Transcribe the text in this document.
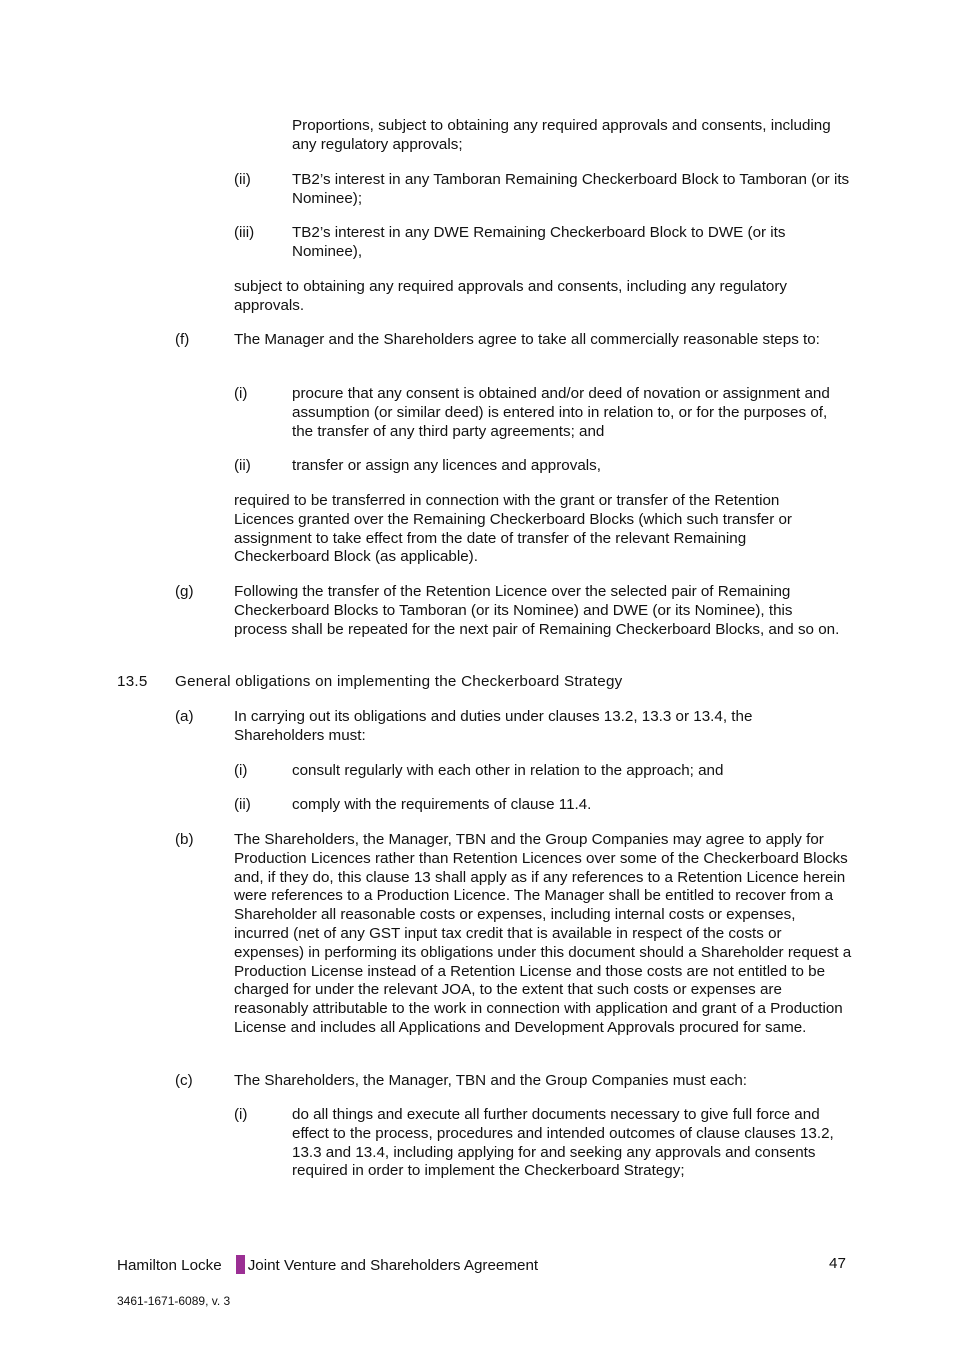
Proportions, subject to obtaining any required approvals and consents, including any regulatory approvals;

(ii)	TB2’s interest in any Tamboran Remaining Checkerboard Block to Tamboran (or its Nominee);

(iii) TB2’s interest in any DWE Remaining Checkerboard Block to DWE (or its Nominee),

subject to obtaining any required approvals and consents, including any regulatory approvals.

(f)	The Manager and the Shareholders agree to take all commercially reasonable steps to:

(i)	procure that any consent is obtained and/or deed of novation or assignment and assumption (or similar deed) is entered into in relation to, or for the purposes of, the transfer of any third party agreements; and

(ii)	transfer or assign any licences and approvals,

required to be transferred in connection with the grant or transfer of the Retention Licences granted over the Remaining Checkerboard Blocks (which such transfer or assignment to take effect from the date of transfer of the relevant Remaining Checkerboard Block (as applicable).

(g)	Following the transfer of the Retention Licence over the selected pair of Remaining Checkerboard Blocks to Tamboran (or its Nominee) and DWE (or its Nominee), this process shall be repeated for the next pair of Remaining Checkerboard Blocks, and so on.

13.5 General obligations on implementing the Checkerboard Strategy

(a)	In carrying out its obligations and duties under clauses 13.2, 13.3 or 13.4, the Shareholders must:

(i)	consult regularly with each other in relation to the approach; and

(ii)	comply with the requirements of clause 11.4.

(b)	The Shareholders, the Manager, TBN and the Group Companies may agree to apply for Production Licences rather than Retention Licences over some of the Checkerboard Blocks and, if they do, this clause 13 shall apply as if any references to a Retention Licence herein were references to a Production Licence. The Manager shall be entitled to recover from a Shareholder all reasonable costs or expenses, including internal costs or expenses, incurred (net of any GST input tax credit that is available in respect of the costs or expenses) in performing its obligations under this document should a Shareholder request a Production License instead of a Retention License and those costs are not entitled to be charged for under the relevant JOA, to the extent that such costs or expenses are reasonably attributable to the work in connection with application and grant of a Production License and includes all Applications and Development Approvals procured for same.

(c)	The Shareholders, the Manager, TBN and the Group Companies must each:

(i)	do all things and execute all further documents necessary to give full force and effect to the process, procedures and intended outcomes of clause clauses 13.2, 13.3 and 13.4, including applying for and seeking any approvals and consents required in order to implement the Checkerboard Strategy;

Hamilton Locke Joint Venture and Shareholders Agreement	47
3461-1671-6089, v. 3
